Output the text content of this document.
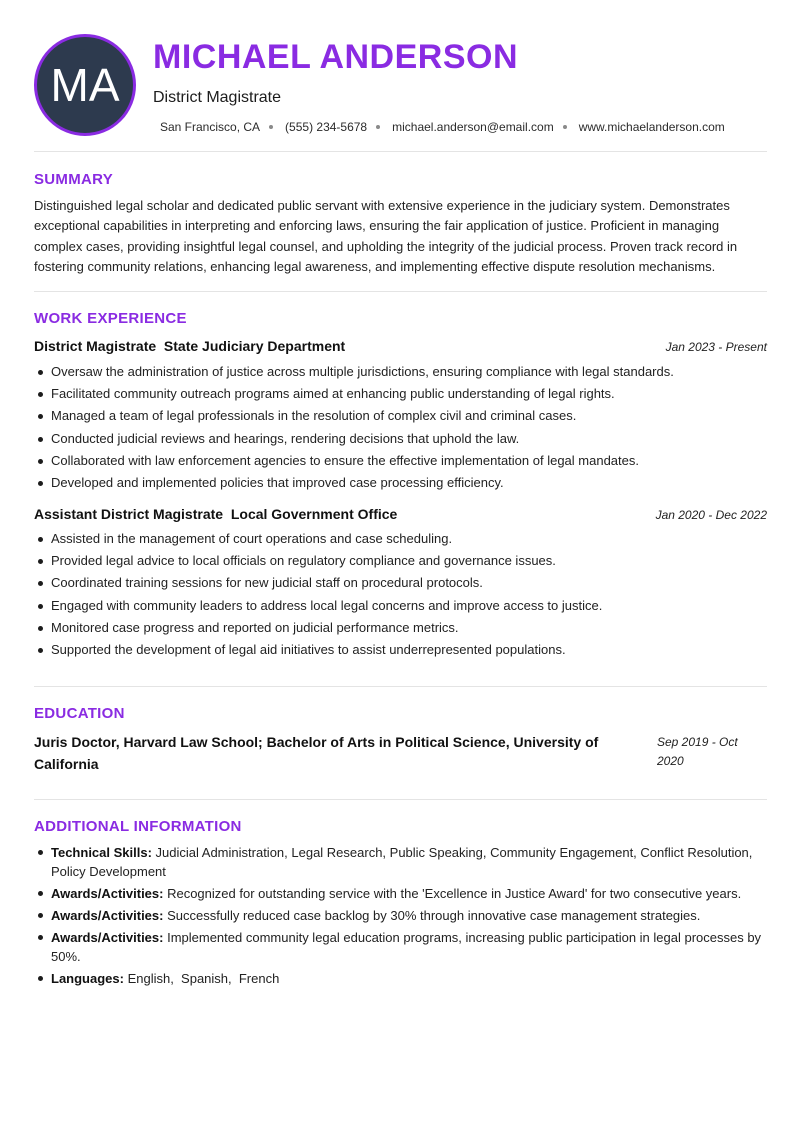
MA
MICHAEL ANDERSON
District Magistrate
San Francisco, CA (555) 234-5678 michael.anderson@email.com www.michaelanderson.com
SUMMARY
Distinguished legal scholar and dedicated public servant with extensive experience in the judiciary system. Demonstrates exceptional capabilities in interpreting and enforcing laws, ensuring the fair application of justice. Proficient in managing complex cases, providing insightful legal counsel, and upholding the integrity of the judicial process. Proven track record in fostering community relations, enhancing legal awareness, and implementing effective dispute resolution mechanisms.
WORK EXPERIENCE
District Magistrate  State Judiciary Department	Jan 2023 - Present
Oversaw the administration of justice across multiple jurisdictions, ensuring compliance with legal standards.
Facilitated community outreach programs aimed at enhancing public understanding of legal rights.
Managed a team of legal professionals in the resolution of complex civil and criminal cases.
Conducted judicial reviews and hearings, rendering decisions that uphold the law.
Collaborated with law enforcement agencies to ensure the effective implementation of legal mandates.
Developed and implemented policies that improved case processing efficiency.
Assistant District Magistrate  Local Government Office	Jan 2020 - Dec 2022
Assisted in the management of court operations and case scheduling.
Provided legal advice to local officials on regulatory compliance and governance issues.
Coordinated training sessions for new judicial staff on procedural protocols.
Engaged with community leaders to address local legal concerns and improve access to justice.
Monitored case progress and reported on judicial performance metrics.
Supported the development of legal aid initiatives to assist underrepresented populations.
EDUCATION
Juris Doctor, Harvard Law School; Bachelor of Arts in Political Science, University of California
Sep 2019 - Oct 2020
ADDITIONAL INFORMATION
Technical Skills: Judicial Administration, Legal Research, Public Speaking, Community Engagement, Conflict Resolution, Policy Development
Awards/Activities: Recognized for outstanding service with the 'Excellence in Justice Award' for two consecutive years.
Awards/Activities: Successfully reduced case backlog by 30% through innovative case management strategies.
Awards/Activities: Implemented community legal education programs, increasing public participation in legal processes by 50%.
Languages: English,  Spanish,  French
